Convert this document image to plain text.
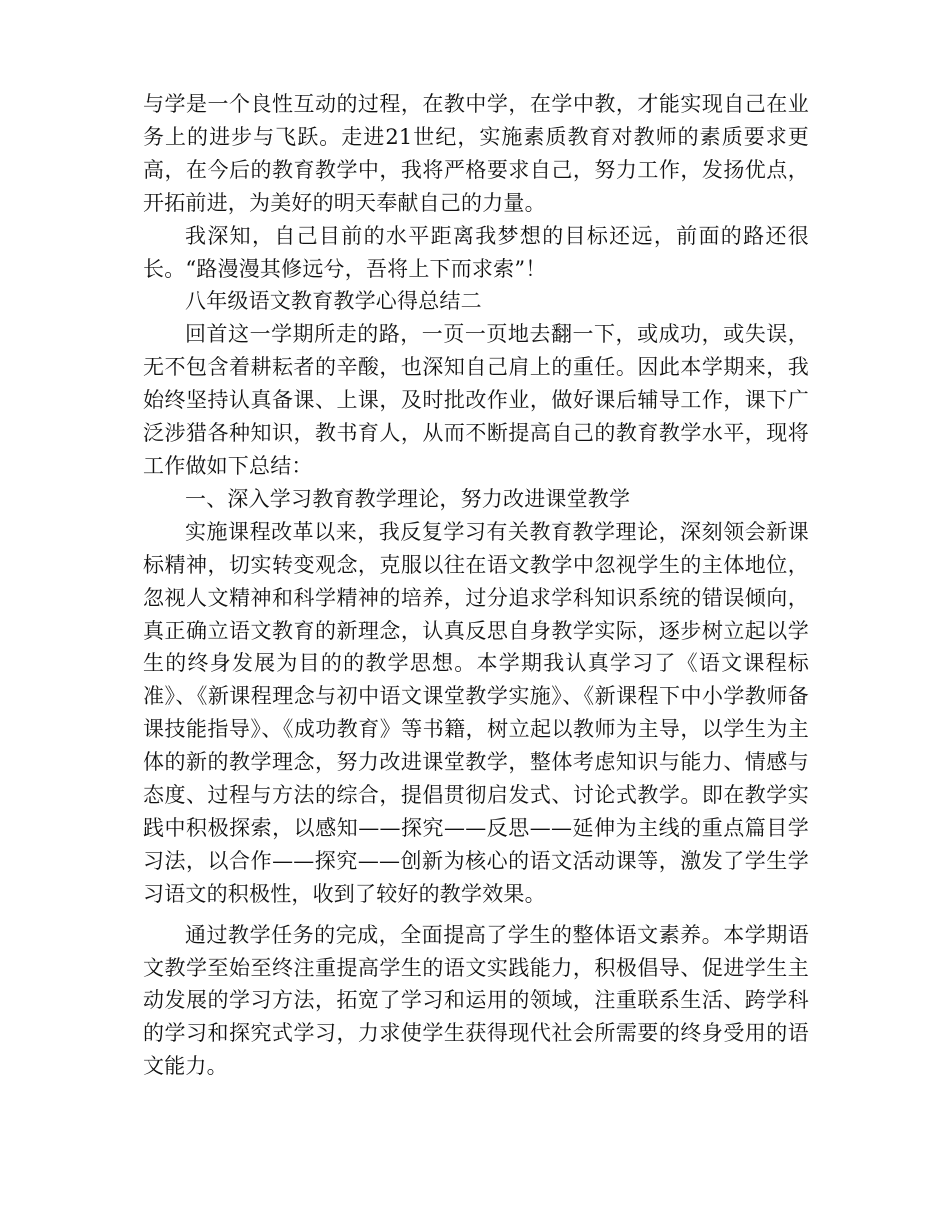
与学是一个良性互动的过程，在教中学，在学中教，才能实现自己在业务上的进步与飞跃。走进21世纪，实施素质教育对教师的素质要求更高，在今后的教育教学中，我将严格要求自己，努力工作，发扬优点，开拓前进，为美好的明天奉献自己的力量。

我深知，自己目前的水平距离我梦想的目标还远，前面的路还很长。“路漫漫其修远兮，吾将上下而求索”！

八年级语文教育教学心得总结二

回首这一学期所走的路，一页一页地去翻一下，或成功，或失误，无不包含着耕耘者的辛酸，也深知自己肩上的重任。因此本学期来，我始终坚持认真备课、上课，及时批改作业，做好课后辅导工作，课下广泛涉猎各种知识，教书育人，从而不断提高自己的教育教学水平，现将工作做如下总结：

一、深入学习教育教学理论，努力改进课堂教学

实施课程改革以来，我反复学习有关教育教学理论，深刻领会新课标精神，切实转变观念，克服以往在语文教学中忽视学生的主体地位，忽视人文精神和科学精神的培养，过分追求学科知识系统的错误倾向，真正确立语文教育的新理念，认真反思自身教学实际，逐步树立起以学生的终身发展为目的的教学思想。本学期我认真学习了《语文课程标准》、《新课程理念与初中语文课堂教学实施》、《新课程下中小学教师备课技能指导》、《成功教育》等书籍，树立起以教师为主导，以学生为主体的新的教学理念，努力改进课堂教学，整体考虑知识与能力、情感与态度、过程与方法的综合，提倡贯彻启发式、讨论式教学。即在教学实践中积极探索，以感知——探究——反思——延伸为主线的重点篇目学习法，以合作——探究——创新为核心的语文活动课等，激发了学生学习语文的积极性，收到了较好的教学效果。

通过教学任务的完成，全面提高了学生的整体语文素养。本学期语文教学至始至终注重提高学生的语文实践能力，积极倡导、促进学生主动发展的学习方法，拓宽了学习和运用的领域，注重联系生活、跨学科的学习和探究式学习，力求使学生获得现代社会所需要的终身受用的语文能力。
